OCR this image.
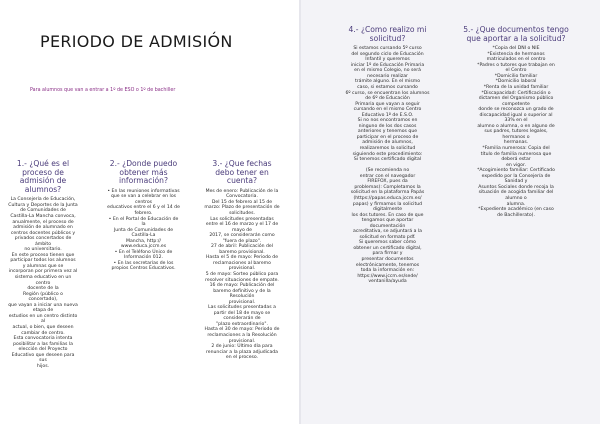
PERIODO DE ADMISIÓN
Para alumnos que van a entrar a 1º de ESO o 1º de bachiller
1.- ¿Qué es el proceso de admisión de alumnos?

La Consejería de Educación,

Cultura y Deportes de la Junta

de Comunidades de

Castilla-La Mancha convoca,

anualmente, el proceso de

admisión de alumnado en

centros docentes públicos y

privados concertados de ámbito

no universitario.

En este proceso tienen que

participar todos los alumnos

y alumnas que se

incorporan por primera vez al

sistema educativo en un centro

docente de la

Región (público o concertado),

que vayan a iniciar una nueva

etapa de

estudios en un centro distinto al

actual, o bien, que deseen

cambiar de centro.

Esta convocatoria intenta

posibilitar a las familias la

elección del Proyecto

Educativo que deseen para sus

hijos.

2.- ¿Donde puedo obtener más información?

• En las reuniones informativas

que se van a celebrar en los

centros

educativos entre el 6 y el 14 de

febrero.

• En el Portal de Educación de la

Junta de Comunidades de

Castilla-La

Mancha, http://

www.educa.jccm.es

• En el Teléfono Único de

Información 012.

• En las secretarías de los

propios Centros Educativos.

3.- ¿Que fechas debo tener en cuenta?

Mes de enero: Publicación de la

Convocatoria.

Del 15 de febrero al 15 de

marzo: Plazo de presentación de

solicitudes.

Las solicitudes presentadas

entre el 16 de marzo y el 17 de

mayo de

2017, se considerarán como

"fuera de plazo".

27 de abril: Publicación del

baremo provisional.

Hasta el 5 de mayo: Periodo de

reclamaciones al baremo

provisional.

5 de mayo: Sorteo público para

resolver situaciones de empate.

16 de mayo: Publicación del

baremo definitivo y de la

Resolución

provisional.

Las solicitudes presentadas a

partir del 18 de mayo se

considerarán de

"plazo extraordinario".

Hasta el 30 de mayo: Periodo de

reclamaciones a la Resolución

provisional.

2 de junio: Último día para

renunciar a la plaza adjudicada

en el proceso.

4.- ¿Como realizo mi solicitud?

Si estamos cursando 5º curso

del segundo ciclo de Educación

Infantil y queremos

iniciar 1º de Educación Primaria

en el mismo Colegio, no será

necesario realizar

trámite alguno. En el mismo

caso, si estamos cursando

6º curso, se encuentran los alumnos

de 6º de Educación

Primaria que vayan a seguir

cursando en el mismo Centro

Educativo 1º de E.S.O.

Si no nos encontramos en

ninguno de los dos casos

anteriores y tenemos que

participar en el proceso de

admisión de alumnos,

realizaremos la solicitud

siguiendo este procedimiento:

Si tenemos certificado digital

(Se recomienda no

entrar con el navegador

FIREFOX, pues da

problemas): Completamos la

solicitud en la plataforma Papás

(https://papas.educa.jccm.es/

papas) y firmamos la solicitud

digitalmente

los dos tutores. En caso de que

tengamos que aportar

documentación

acreditativa, se adjuntará a la

solicitud en formato pdf.

Si queremos saber cómo

obtener un certificado digital,

para firmar y

presentar documentos

electrónicamente, tenemos

toda la información en:

https://www.jccm.es/sede/

ventanilla/ayuda

5.- ¿Que documentos tengo que aportar a la solicitud?

*Copia del DNI o NIE

*Existencia de hermanos

matriculados en el centro

*Padres o tutores que trabajan en

el Centro

*Domicilio familiar

*Domicilio laboral

*Renta de la unidad familiar

*Discapacidad: Certificación o

dictamen del Organismo público

competente

donde se reconozca un grado de

discapacidad igual o superior al

33% en el

alumno o alumna, o en alguno de

sus padres, tutores legales,

hermanos o

hermanas.

*Familia numerosa: Copia del

título de familia numerosa que

deberá estar

en vigor.

*Acogimiento familiar: Certificado

expedido por la Consejería de

Sanidad y

Asuntos Sociales donde recoja la

situación de acogida familiar del

alumno o

alumna.

*Expediente académico (en caso

de Bachillerato).
